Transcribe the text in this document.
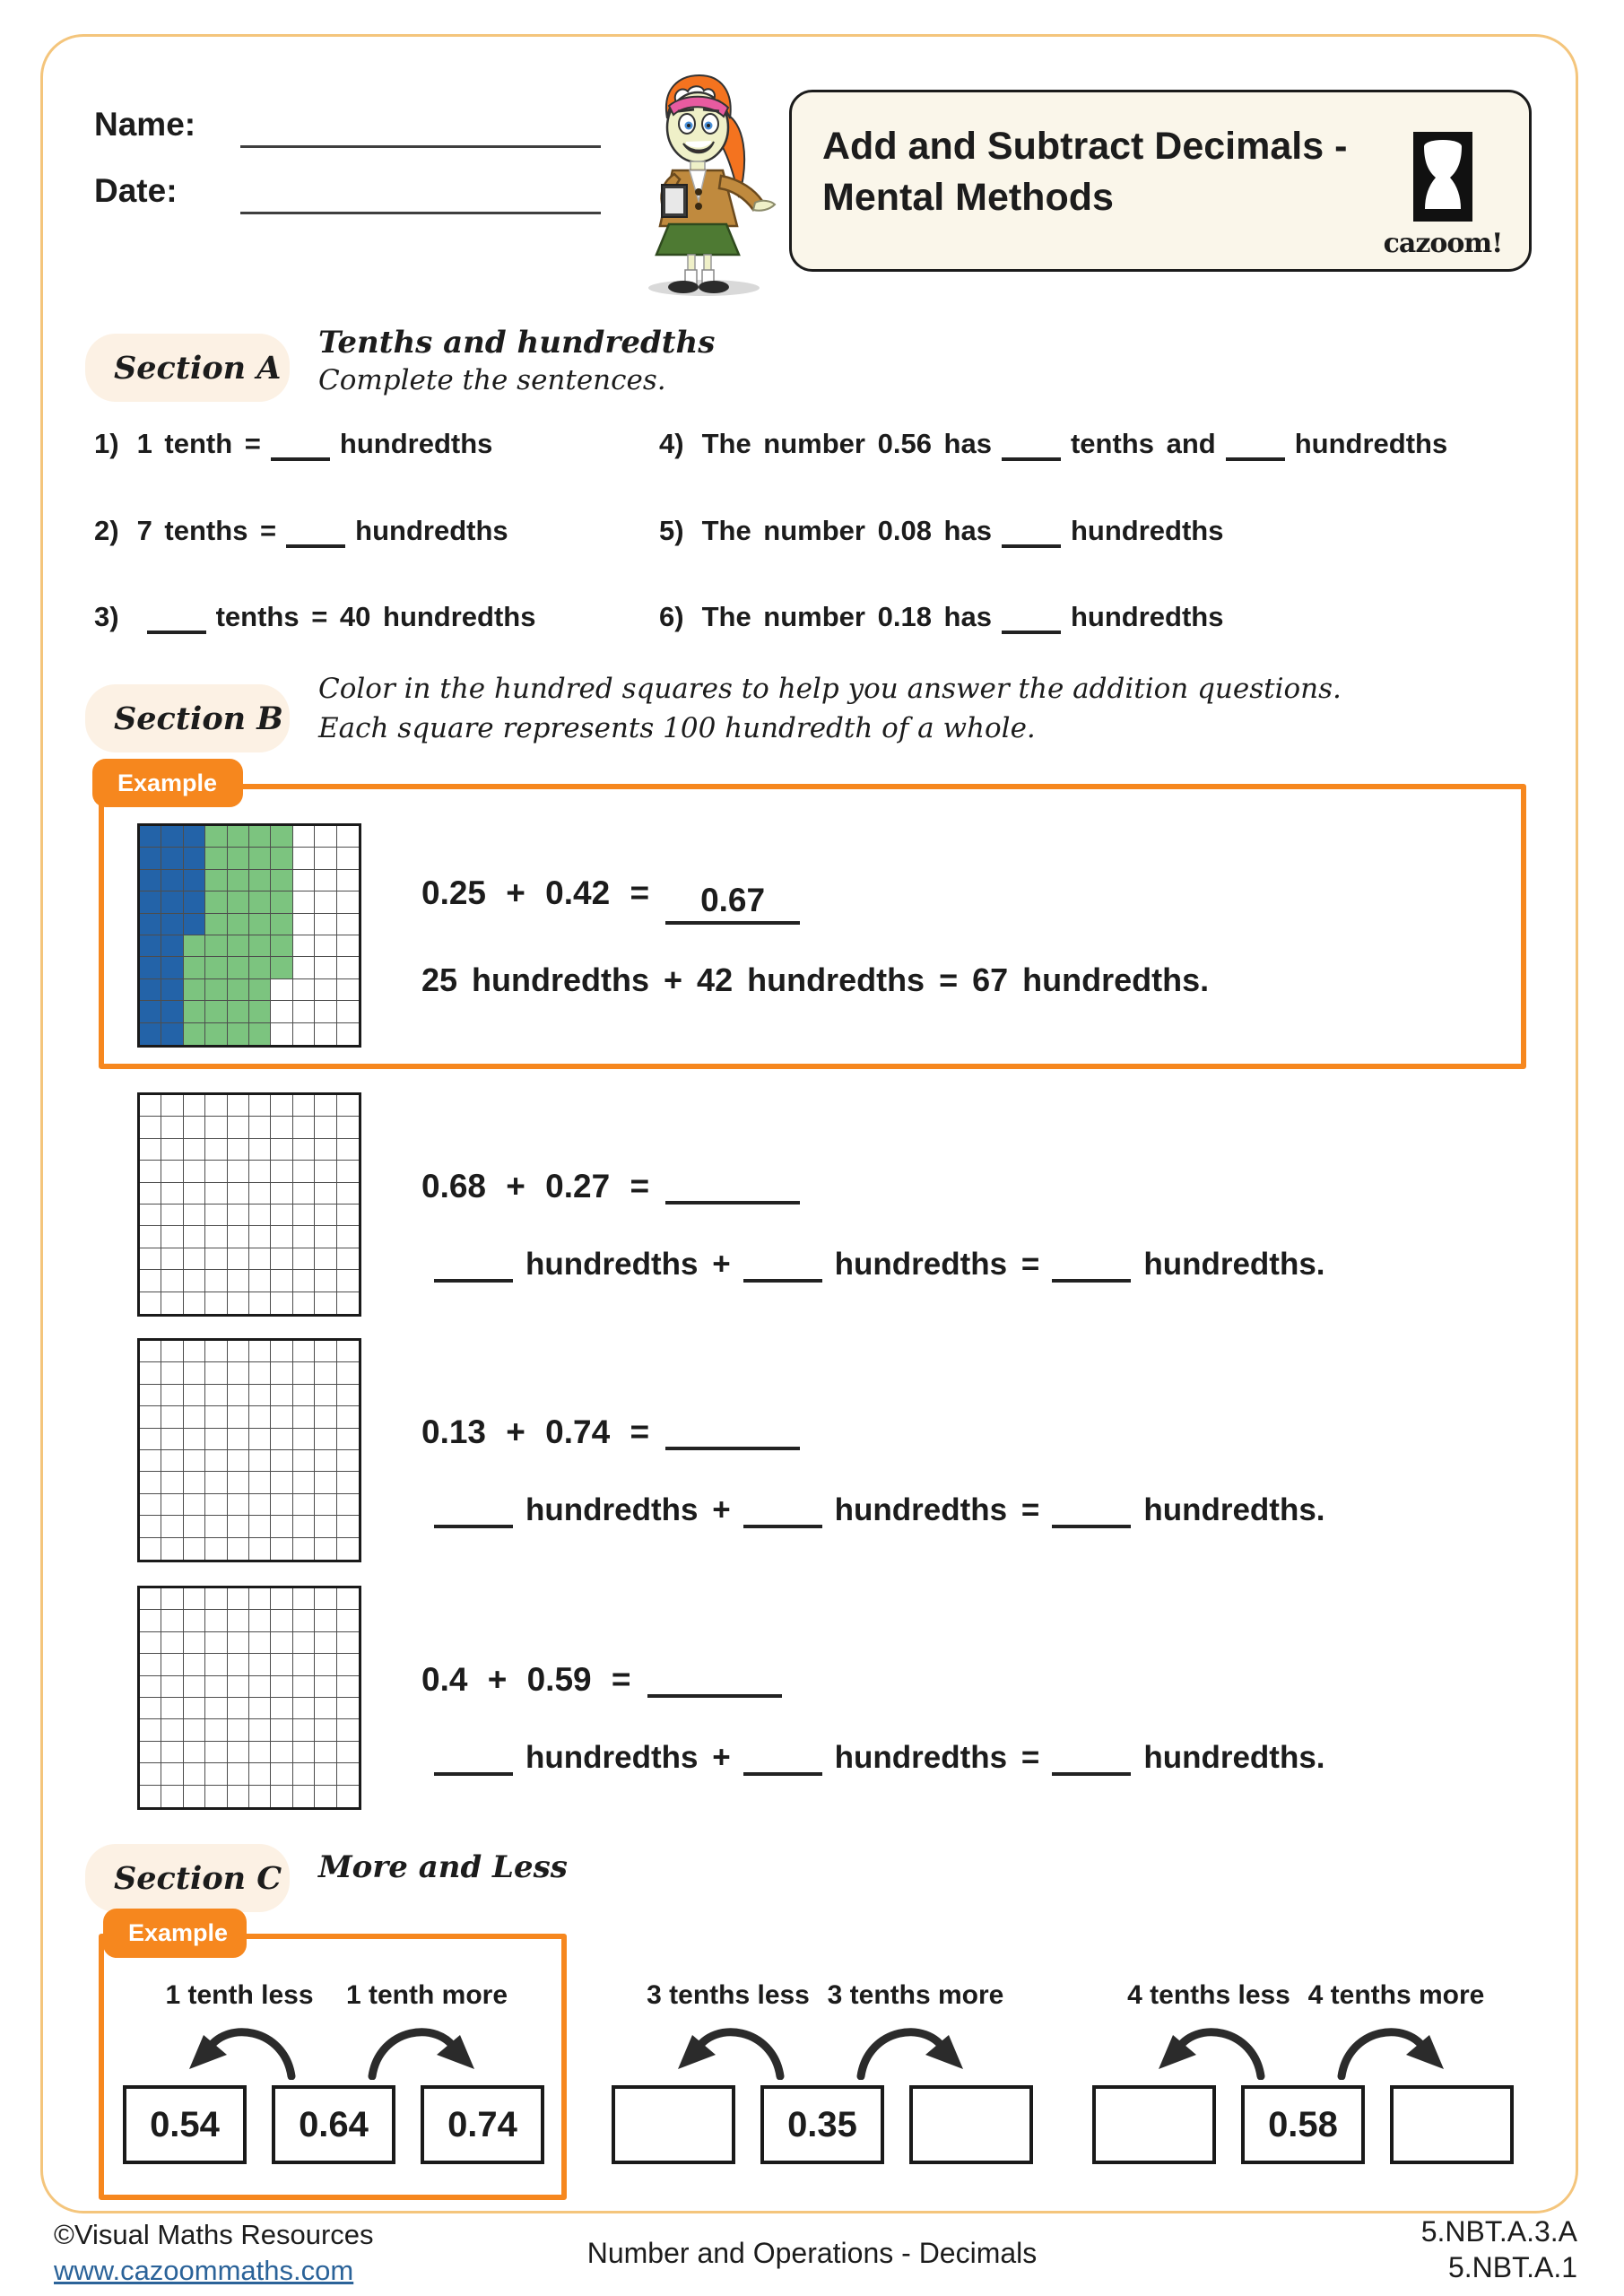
Name:
Date:
Add and Subtract Decimals -
Mental Methods
cazoom!
Section A
Tenths and hundredths
Complete the sentences.
1) 1 tenth =	hundredths
2) 7 tenths =	hundredths
3)	tenths = 40 hundredths
4) The number 0.56 has	tenths and	hundredths
5) The number 0.08 has	hundredths
6) The number 0.18 has	hundredths
Section B
Color in the hundred squares to help you answer the addition questions.
Each square represents 100 hundredth of a whole.
Example
0.25 + 0.42 = 0.67
25 hundredths + 42 hundredths = 67 hundredths.
0.68 + 0.27 =
hundredths +	hundredths =	hundredths.
0.13 + 0.74 =
hundredths +	hundredths =	hundredths.
0.4 + 0.59 =
hundredths +	hundredths =	hundredths.
Section C More and Less
Example
1 tenth less 1 tenth more
0.54	0.64	0.74
3 tenths less 3 tenths more
0.35
4 tenths less 4 tenths more
0.58
©Visual Maths Resources
www.cazoommaths.com
Number and Operations - Decimals
5.NBT.A.3.A
5.NBT.A.1
